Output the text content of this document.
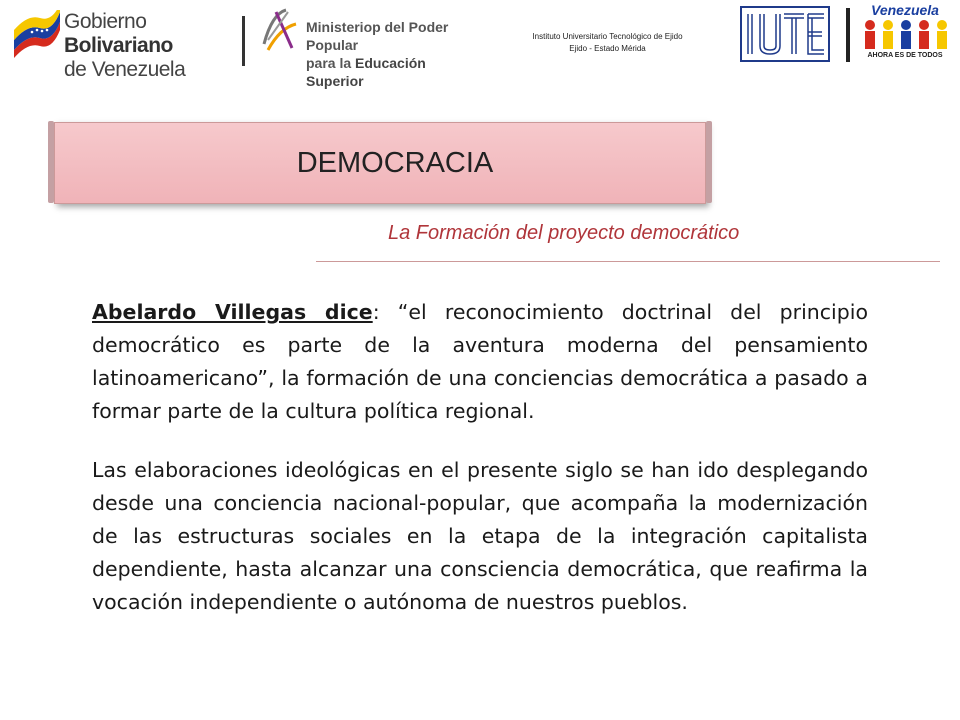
Gobierno Bolivariano
de Venezuela
Ministeriop del Poder Popular
para la Educación Superior
Instituto Universitario Tecnológico de Ejido
Ejido - Estado Mérida
Venezuela
AHORA ES DE TODOS
DEMOCRACIA
La Formación del proyecto democrático

Abelardo Villegas dice: “el reconocimiento doctrinal del principio democrático es parte de la aventura moderna del pensamiento latinoamericano”, la formación de una conciencias democrática a pasado a formar parte de la cultura política regional.

Las elaboraciones ideológicas en el presente siglo se han ido desplegando desde una conciencia nacional-popular, que acompaña la modernización de las estructuras sociales en la etapa de la integración capitalista dependiente, hasta alcanzar una consciencia democrática, que reafirma la vocación independiente o autónoma de nuestros pueblos.
